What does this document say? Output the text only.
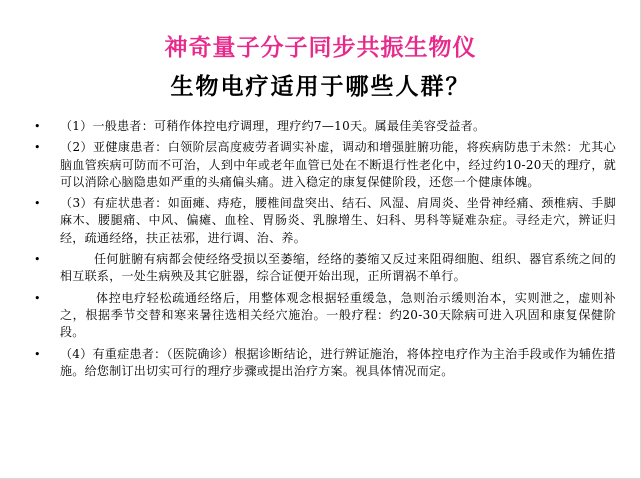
神奇量子分子同步共振生物仪
生物电疗适用于哪些人群？
• （1）一般患者：可稍作体控电疗调理，理疗约7—10天。属最佳美容受益者。
• （2）亚健康患者：白领阶层高度疲劳者调实补虚，调动和增强脏腑功能，将疾病防患于未然：尤其心脑血管疾病可防而不可治，人到中年或老年血管已处在不断退行性老化中，经过约10-20天的理疗，就可以消除心脑隐患如严重的头痛偏头痛。进入稳定的康复保健阶段，还您一个健康体魄。
• （3）有症状患者：如面瘫、痔疮，腰椎间盘突出、结石、风湿、肩周炎、坐骨神经痛、颈椎病、手脚麻木、腰腿痛、中风、偏瘫、血栓、胃肠炎、乳腺增生、妇科、男科等疑难杂症。寻经走穴，辨证归经，疏通经络，扶正祛邪，进行调、治、养。
• 任何脏腑有病都会使经络受损以至萎缩，经络的萎缩又反过来阻碍细胞、组织、器官系统之间的相互联系，一处生病殃及其它脏器，综合证便开始出现，正所谓祸不单行。
• 体控电疗轻松疏通经络后，用整体观念根据轻重缓急，急则治示缓则治本，实则泄之，虚则补之，根据季节交替和寒来暑往选相关经穴施治。一般疗程：约20-30天除病可进入巩固和康复保健阶段。
• （4）有重症患者：（医院确诊）根据诊断结论，进行辨证施治，将体控电疗作为主治手段或作为辅佐措施。给您制订出切实可行的理疗步骤或提出治疗方案。视具体情况而定。
